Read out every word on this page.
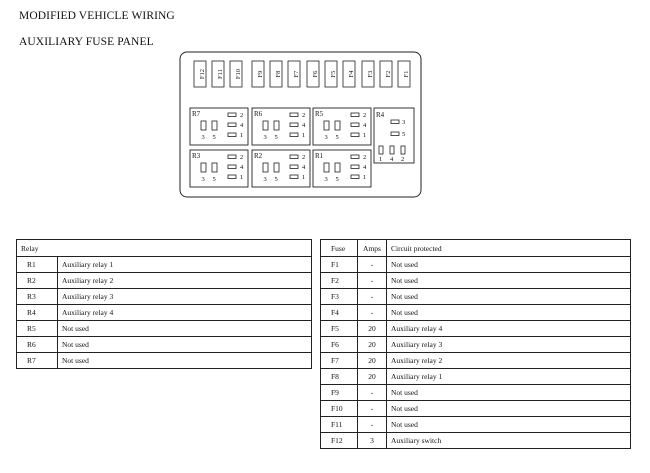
MODIFIED VEHICLE WIRING
AUXILIARY FUSE PANEL
F12 F11 F10 F9 F8 F7 F6 F5 F4 F3 F2 F1
R7
3 5
2
4
1
R6
3 5
2
4
1
R5
3 5
2
4
1
R3
3 5
2
4
1
R2
3 5
2
4
1
R1
3 5
2
4
1
R4
3
5
1 4 2
Relay	
R1	Auxiliary relay 1
R2	Auxiliary relay 2
R3	Auxiliary relay 3
R4	Auxiliary relay 4
R5	Not used
R6	Not used
R7	Not used
Fuse	Amps	Circuit protected
F1	-	Not used
F2	-	Not used
F3	-	Not used
F4	-	Not used
F5	20	Auxiliary relay 4
F6	20	Auxiliary relay 3
F7	20	Auxiliary relay 2
F8	20	Auxiliary relay 1
F9	-	Not used
F10	-	Not used
F11	-	Not used
F12	3	Auxiliary switch
